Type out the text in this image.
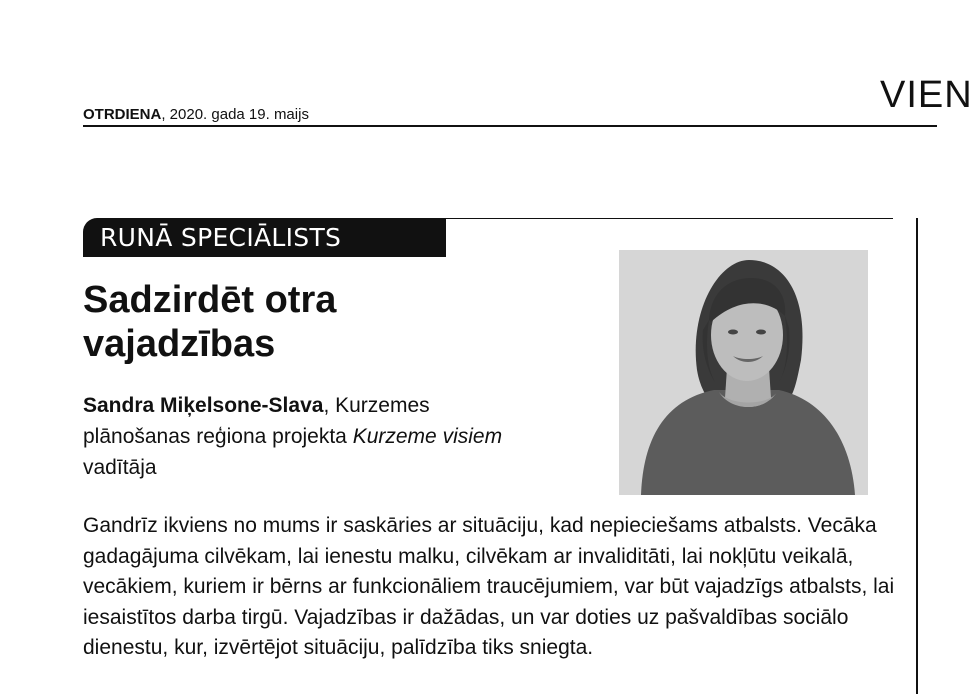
OTRDIENA, 2020. gada 19. maijs	VIEN
RUNĀ SPECIĀLISTS
Sadzirdēt otra
vajadzības
Sandra Miķelsone-Slava, Kurzemes plānošanas reģiona projekta Kurzeme visiem vadītāja

Gandrīz ikviens no mums ir saskāries ar situāciju, kad nepieciešams atbalsts. Vecāka gadagājuma cilvēkam, lai ienestu malku, cilvēkam ar invaliditāti, lai nokļūtu veikalā, vecākiem, kuriem ir bērns ar funkcionāliem traucējumiem, var būt vajadzīgs atbalsts, lai iesaistītos darba tirgū. Vajadzības ir dažādas, un var doties uz pašvaldības sociālo dienestu, kur, izvērtējot situāciju, palīdzība tiks sniegta.
